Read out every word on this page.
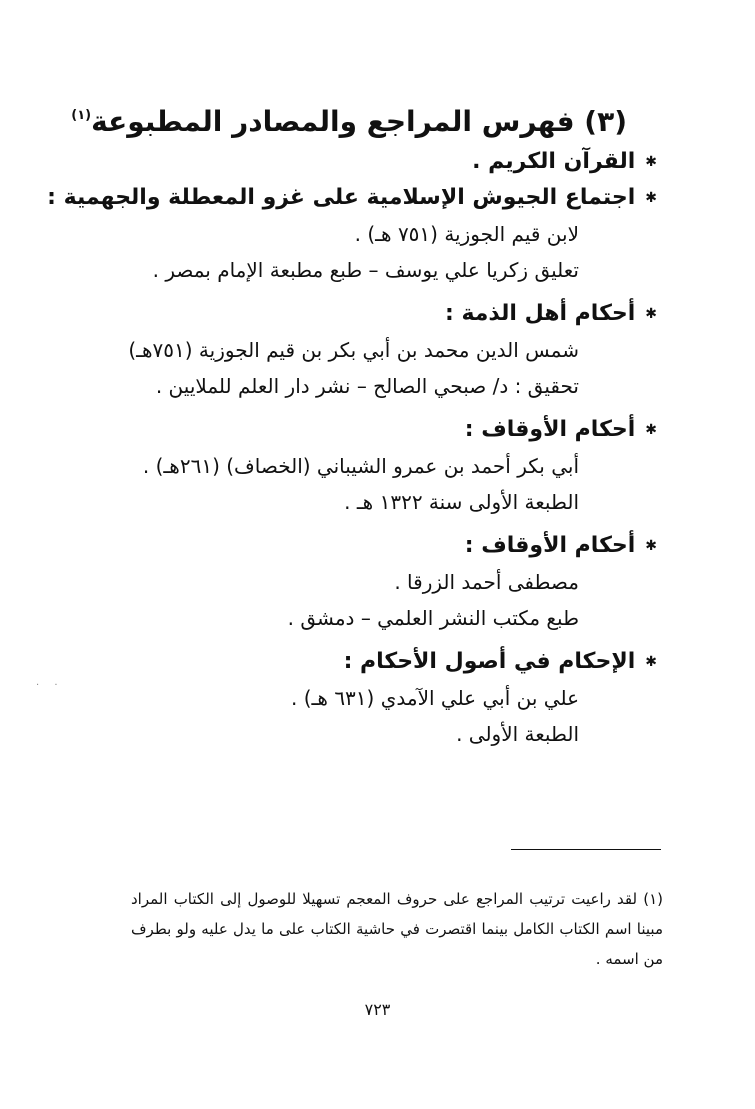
(٣) فهرس المراجع والمصادر المطبوعة$^{(١)}$
✱
القرآن الكريم .
✱
اجتماع الجيوش الإسلامية على غزو المعطلة والجهمية :
لابن قيم الجوزية (٧٥١ هـ) .
تعليق زكريا علي يوسف – طبع مطبعة الإمام بمصر .
✱
أحكام أهل الذمة :
شمس الدين محمد بن أبي بكر بن قيم الجوزية (٧٥١هـ)
تحقيق : د/ صبحي الصالح – نشر دار العلم للملايين .
✱
أحكام الأوقاف :
أبي بكر أحمد بن عمرو الشيباني (الخصاف) (٢٦١هـ) .
الطبعة الأولى سنة ١٣٢٢ هـ .
✱
أحكام الأوقاف :
مصطفى أحمد الزرقا .
طبع مكتب النشر العلمي – دمشق .
✱
الإحكام في أصول الأحكام :
علي بن أبي علي الآمدي (٦٣١ هـ) .
الطبعة الأولى .
(١) لقد راعيت ترتيب المراجع على حروف المعجم تسهيلا للوصول إلى الكتاب المراد مبينا اسم الكتاب الكامل بينما اقتصرت في حاشية الكتاب على ما يدل عليه ولو بطرف من اسمه .
٧٢٣
· ·
